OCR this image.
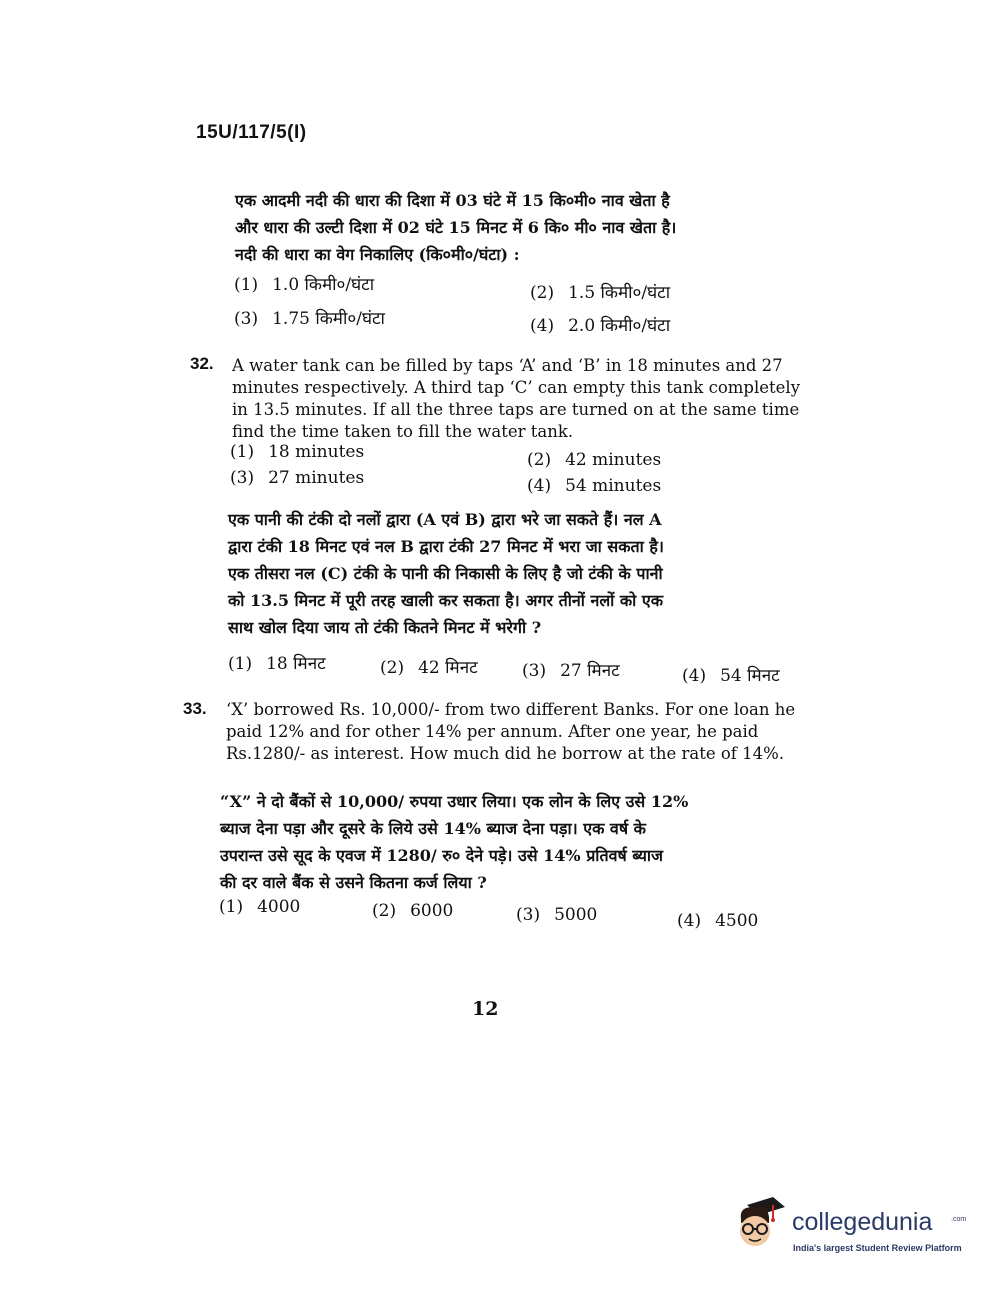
15U/117/5(I)
एक आदमी नदी की धारा की दिशा में 03 घंटे में 15 कि०मी० नाव खेता है
और धारा की उल्टी दिशा में 02 घंटे 15 मिनट में 6 कि० मी० नाव खेता है।
नदी की धारा का वेग निकालिए (कि०मी०/घंटा) :
(1) 1.0 किमी०/घंटा	(2) 1.5 किमी०/घंटा
(3) 1.75 किमी०/घंटा	(4) 2.0 किमी०/घंटा
32. A water tank can be filled by taps ‘A’ and ‘B’ in 18 minutes and 27
minutes respectively. A third tap ‘C’ can empty this tank completely
in 13.5 minutes. If all the three taps are turned on at the same time
find the time taken to fill the water tank.
(1) 18 minutes	(2) 42 minutes
(3) 27 minutes	(4) 54 minutes
एक पानी की टंकी दो नलों द्वारा (A एवं B) द्वारा भरे जा सकते हैं। नल A
द्वारा टंकी 18 मिनट एवं नल B द्वारा टंकी 27 मिनट में भरा जा सकता है।
एक तीसरा नल (C) टंकी के पानी की निकासी के लिए है जो टंकी के पानी
को 13.5 मिनट में पूरी तरह खाली कर सकता है। अगर तीनों नलों को एक
साथ खोल दिया जाय तो टंकी कितने मिनट में भरेगी ?
(1) 18 मिनट	(2) 42 मिनट	(3) 27 मिनट	(4) 54 मिनट
33. ‘X’ borrowed Rs. 10,000/- from two different Banks. For one loan he
paid 12% and for other 14% per annum. After one year, he paid
Rs.1280/- as interest. How much did he borrow at the rate of 14%.
“X” ने दो बैंकों से 10,000/ रुपया उधार लिया। एक लोन के लिए उसे 12%
ब्याज देना पड़ा और दूसरे के लिये उसे 14% ब्याज देना पड़ा। एक वर्ष के
उपरान्त उसे सूद के एवज में 1280/ रु० देने पड़े। उसे 14% प्रतिवर्ष ब्याज
की दर वाले बैंक से उसने कितना कर्ज लिया ?
(1) 4000	(2) 6000	(3) 5000	(4) 4500
12
collegedunia	.com
India's largest Student Review Platform
